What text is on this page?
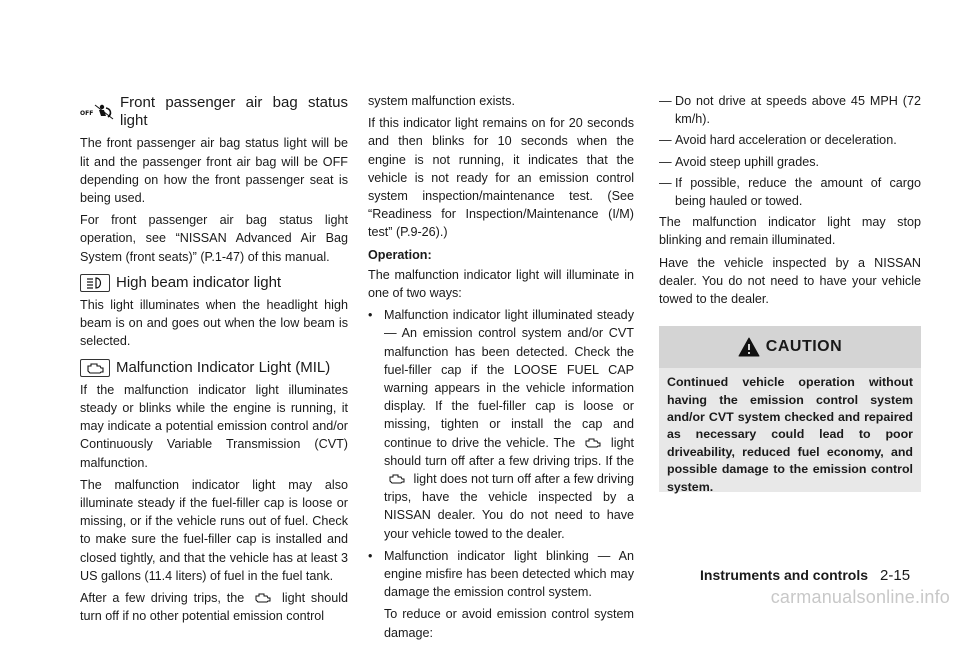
OFF
Front passenger air bag status light

The front passenger air bag status light will be lit and the passenger front air bag will be OFF depending on how the front passenger seat is being used.

For front passenger air bag status light operation, see “NISSAN Advanced Air Bag System (front seats)” (P.1-47) of this manual.

High beam indicator light

This light illuminates when the headlight high beam is on and goes out when the low beam is selected.

Malfunction Indicator Light (MIL)

If the malfunction indicator light illuminates steady or blinks while the engine is running, it may indicate a potential emission control and/or Continuously Variable Transmission (CVT) malfunction.

The malfunction indicator light may also illuminate steady if the fuel-filler cap is loose or missing, or if the vehicle runs out of fuel. Check to make sure the fuel-filler cap is installed and closed tightly, and that the vehicle has at least 3 US gallons (11.4 liters) of fuel in the fuel tank.

After a few driving trips, the	light should turn off if no other potential emission control

system malfunction exists.

If this indicator light remains on for 20 seconds and then blinks for 10 seconds when the engine is not running, it indicates that the vehicle is not ready for an emission control system inspection/maintenance test. (See “Readiness for Inspection/Maintenance (I/M) test” (P.9-26).)

Operation:

The malfunction indicator light will illuminate in one of two ways:

• Malfunction indicator light illuminated steady — An emission control system and/or CVT malfunction has been detected. Check the fuel-filler cap if the LOOSE FUEL CAP warning appears in the vehicle information display. If the fuel-filler cap is loose or missing, tighten or install the cap and continue to drive the vehicle. The	light should turn off after a few driving trips. If the  light does not turn off after a few driving trips, have the vehicle inspected by a NISSAN dealer. You do not need to have your vehicle towed to the dealer.
• Malfunction indicator light blinking — An engine misfire has been detected which may damage the emission control system.

To reduce or avoid emission control system damage:

— Do not drive at speeds above 45 MPH (72 km/h).
— Avoid hard acceleration or deceleration.
— Avoid steep uphill grades.
— If possible, reduce the amount of cargo being hauled or towed.

The malfunction indicator light may stop blinking and remain illuminated.

Have the vehicle inspected by a NISSAN dealer. You do not need to have your vehicle towed to the dealer.

CAUTION
Continued vehicle operation without having the emission control system and/or CVT system checked and repaired as necessary could lead to poor driveability, reduced fuel economy, and possible damage to the emission control system.
Instruments and controls 2-15
carmanualsonline.info
